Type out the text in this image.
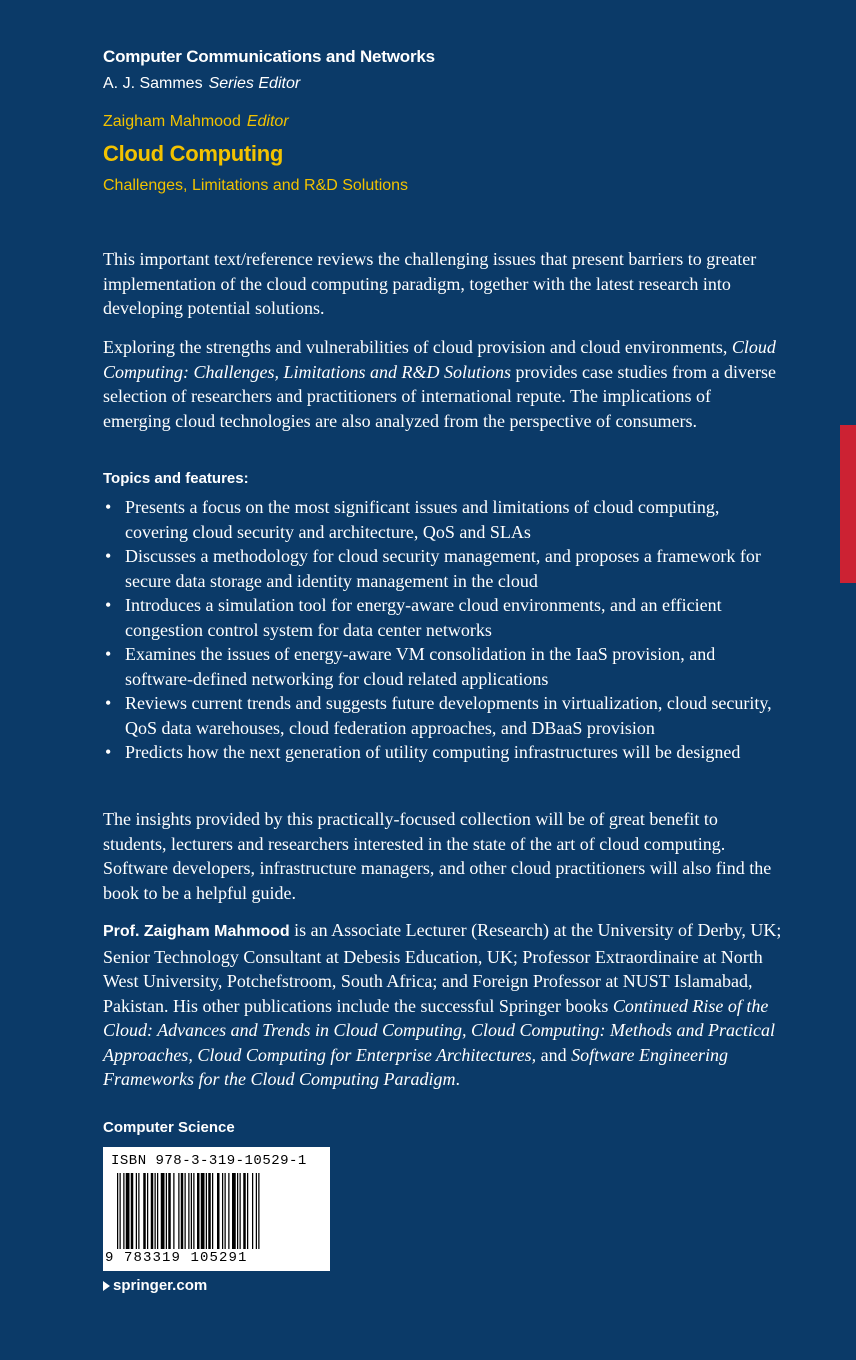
Computer Communications and Networks
A. J. Sammes Series Editor
Zaigham Mahmood Editor
Cloud Computing
Challenges, Limitations and R&D Solutions

This important text/reference reviews the challenging issues that present barriers to greater implementation of the cloud computing paradigm, together with the latest research into developing potential solutions.

Exploring the strengths and vulnerabilities of cloud provision and cloud environments, Cloud Computing: Challenges, Limitations and R&D Solutions provides case studies from a diverse selection of researchers and practitioners of international repute. The implications of emerging cloud technologies are also analyzed from the perspective of consumers.

Topics and features:
• Presents a focus on the most significant issues and limitations of cloud computing, covering cloud security and architecture, QoS and SLAs
• Discusses a methodology for cloud security management, and proposes a framework for secure data storage and identity management in the cloud
• Introduces a simulation tool for energy-aware cloud environments, and an efficient congestion control system for data center networks
• Examines the issues of energy-aware VM consolidation in the IaaS provision, and software-defined networking for cloud related applications
• Reviews current trends and suggests future developments in virtualization, cloud security, QoS data warehouses, cloud federation approaches, and DBaaS provision
• Predicts how the next generation of utility computing infrastructures will be designed

The insights provided by this practically-focused collection will be of great benefit to students, lecturers and researchers interested in the state of the art of cloud computing. Software developers, infrastructure managers, and other cloud practitioners will also find the book to be a helpful guide.

Prof. Zaigham Mahmood is an Associate Lecturer (Research) at the University of Derby, UK; Senior Technology Consultant at Debesis Education, UK; Professor Extraordinaire at North West University, Potchefstroom, South Africa; and Foreign Professor at NUST Islamabad, Pakistan. His other publications include the successful Springer books Continued Rise of the Cloud: Advances and Trends in Cloud Computing, Cloud Computing: Methods and Practical Approaches, Cloud Computing for Enterprise Architectures, and Software Engineering Frameworks for the Cloud Computing Paradigm.

Computer Science
ISBN 978-3-319-10529-1
9 783319 105291
springer.com
